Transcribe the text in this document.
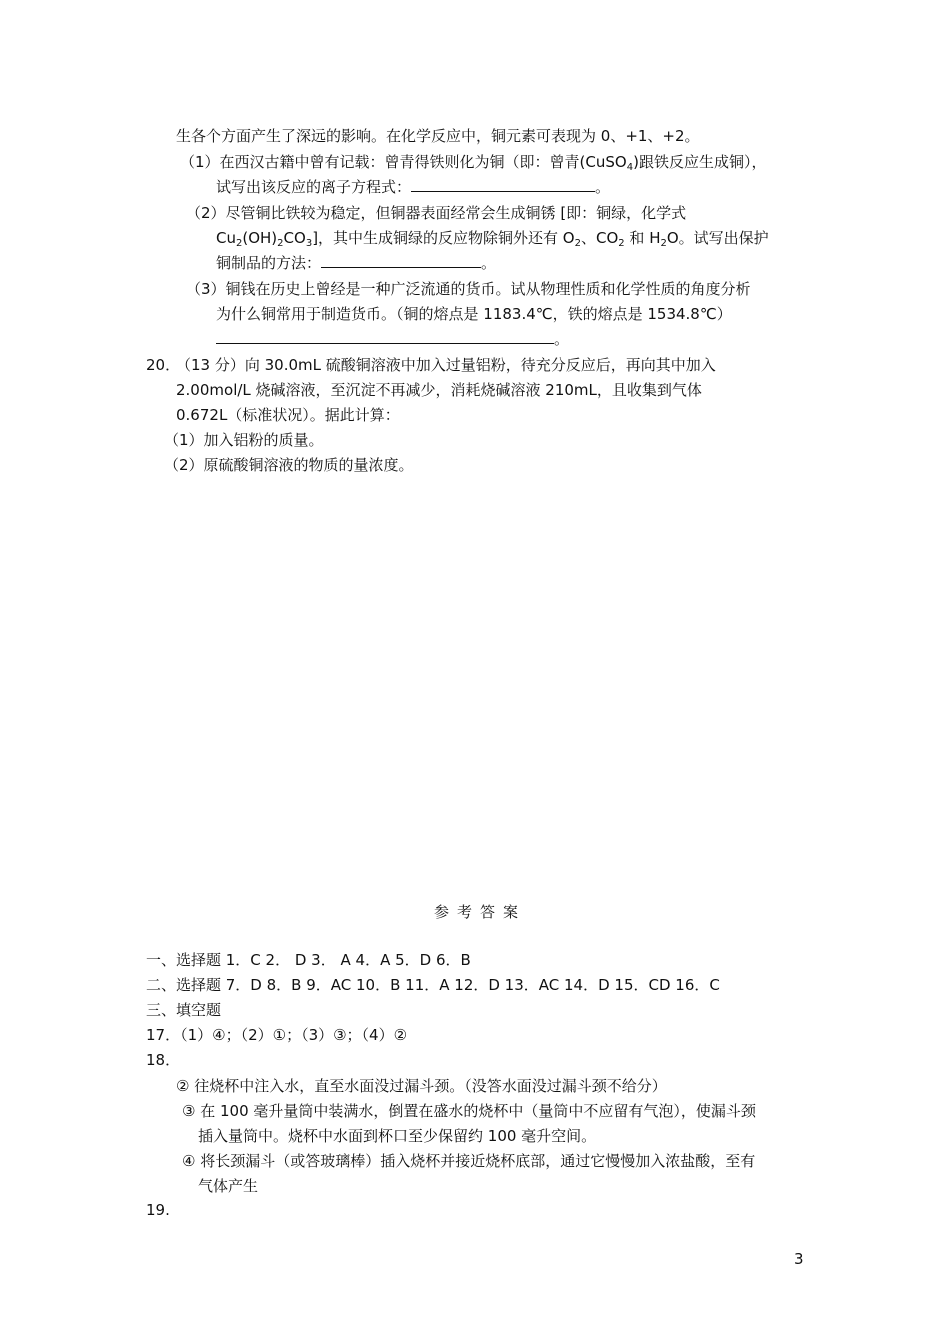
生各个方面产生了深远的影响。在化学反应中，铜元素可表现为 0、+1、+2。
（1）在西汉古籍中曾有记载：曾青得铁则化为铜（即：曾青(CuSO$_4$)跟铁反应生成铜），
试写出该反应的离子方程式：	。
（2）尽管铜比铁较为稳定，但铜器表面经常会生成铜锈 [即：铜绿，化学式
$Cu_2(OH)_2CO_3$]，其中生成铜绿的反应物除铜外还有 $O_2$、$CO_2$ 和 $H_2O$。试写出保护
铜制品的方法：	。
（3）铜钱在历史上曾经是一种广泛流通的货币。试从物理性质和化学性质的角度分析
为什么铜常用于制造货币。（铜的熔点是 1183.4℃，铁的熔点是 1534.8℃）
。
20．
（13 分）向 30.0mL 硫酸铜溶液中加入过量铝粉，待充分反应后，再向其中加入
2.00mol/L 烧碱溶液，至沉淀不再减少，消耗烧碱溶液 210mL，且收集到气体
0.672L（标准状况）。据此计算：
（1）加入铝粉的质量。
（2）原硫酸铜溶液的物质的量浓度。
参考答案
一、选择题 1．C 2． D 3． A 4．A 5．D 6．B
二、选择题 7．D 8．B 9．AC 10．B 11．A 12．D 13．AC 14．D 15．CD 16．C
三、填空题
17．（1）④；（2）①；（3）③；（4）②
18．
② 往烧杯中注入水，直至水面没过漏斗颈。（没答水面没过漏斗颈不给分）
③ 在 100 毫升量筒中装满水，倒置在盛水的烧杯中（量筒中不应留有气泡），使漏斗颈
插入量筒中。烧杯中水面到杯口至少保留约 100 毫升空间。
④ 将长颈漏斗（或答玻璃棒）插入烧杯并接近烧杯底部，通过它慢慢加入浓盐酸，至有
气体产生
19.
3
